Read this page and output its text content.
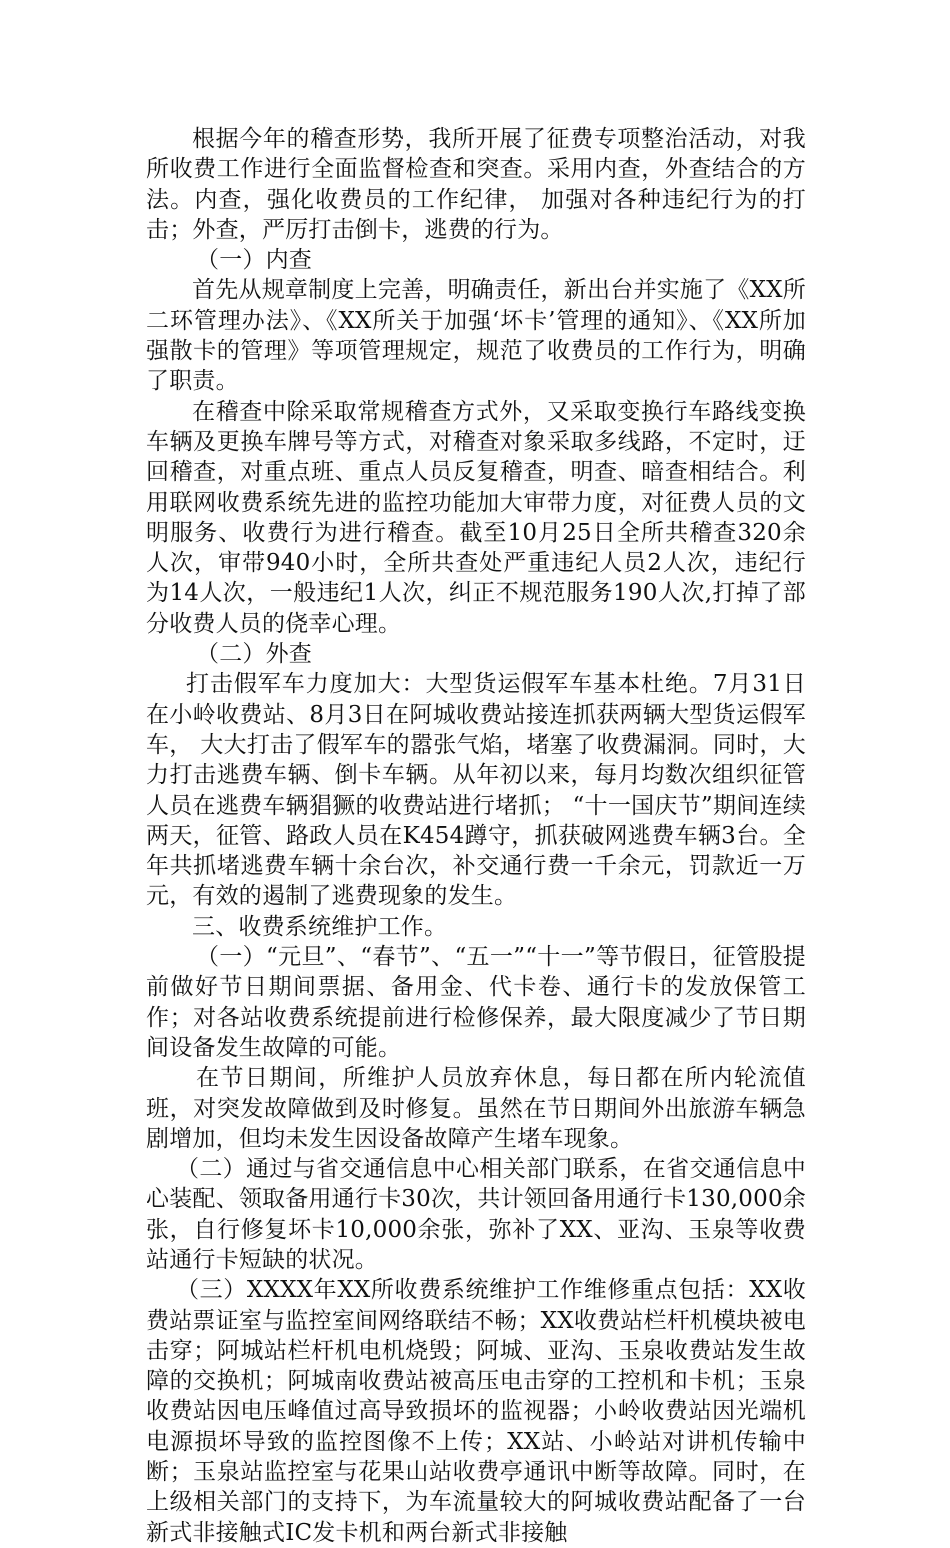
根据今年的稽查形势，我所开展了征费专项整治活动，对我所收费工作进行全面监督检查和突查。采用内查，外查结合的方法。内查，强化收费员的工作纪律， 加强对各种违纪行为的打击；外查，严厉打击倒卡，逃费的行为。

（一）内查

首先从规章制度上完善，明确责任，新出台并实施了《XX所二环管理办法》、《XX所关于加强‘坏卡’管理的通知》、《XX所加强散卡的管理》等项管理规定，规范了收费员的工作行为，明确了职责。

在稽查中除采取常规稽查方式外，又采取变换行车路线变换车辆及更换车牌号等方式，对稽查对象采取多线路，不定时，迂回稽查，对重点班、重点人员反复稽查，明查、暗查相结合。利用联网收费系统先进的监控功能加大审带力度，对征费人员的文明服务、收费行为进行稽查。截至10月25日全所共稽查320余人次，审带940小时，全所共查处严重违纪人员2人次，违纪行为14人次，一般违纪1人次，纠正不规范服务190人次,打掉了部分收费人员的侥幸心理。

（二）外查

打击假军车力度加大：大型货运假军车基本杜绝。7月31日在小岭收费站、8月3日在阿城收费站接连抓获两辆大型货运假军车， 大大打击了假军车的嚣张气焰，堵塞了收费漏洞。同时，大力打击逃费车辆、倒卡车辆。从年初以来，每月均数次组织征管人员在逃费车辆猖獗的收费站进行堵抓； “十一国庆节”期间连续两天，征管、路政人员在K454蹲守，抓获破网逃费车辆3台。全年共抓堵逃费车辆十余台次，补交通行费一千余元，罚款近一万元，有效的遏制了逃费现象的发生。

三、收费系统维护工作。

（一）“元旦”、“春节”、“五一”“十一”等节假日，征管股提前做好节日期间票据、备用金、代卡卷、通行卡的发放保管工作；对各站收费系统提前进行检修保养，最大限度减少了节日期间设备发生故障的可能。

在节日期间，所维护人员放弃休息，每日都在所内轮流值班，对突发故障做到及时修复。虽然在节日期间外出旅游车辆急剧增加，但均未发生因设备故障产生堵车现象。

（二）通过与省交通信息中心相关部门联系，在省交通信息中心装配、领取备用通行卡30次，共计领回备用通行卡130,000余张，自行修复坏卡10,000余张，弥补了XX、亚沟、玉泉等收费站通行卡短缺的状况。

（三）XXXX年XX所收费系统维护工作维修重点包括：XX收费站票证室与监控室间网络联结不畅；XX收费站栏杆机模块被电击穿；阿城站栏杆机电机烧毁；阿城、亚沟、玉泉收费站发生故障的交换机；阿城南收费站被高压电击穿的工控机和卡机；玉泉收费站因电压峰值过高导致损坏的监视器；小岭收费站因光端机电源损坏导致的监控图像不上传；XX站、小岭站对讲机传输中断；玉泉站监控室与花果山站收费亭通讯中断等故障。同时，在上级相关部门的支持下，为车流量较大的阿城收费站配备了一台新式非接触式IC发卡机和两台新式非接触
